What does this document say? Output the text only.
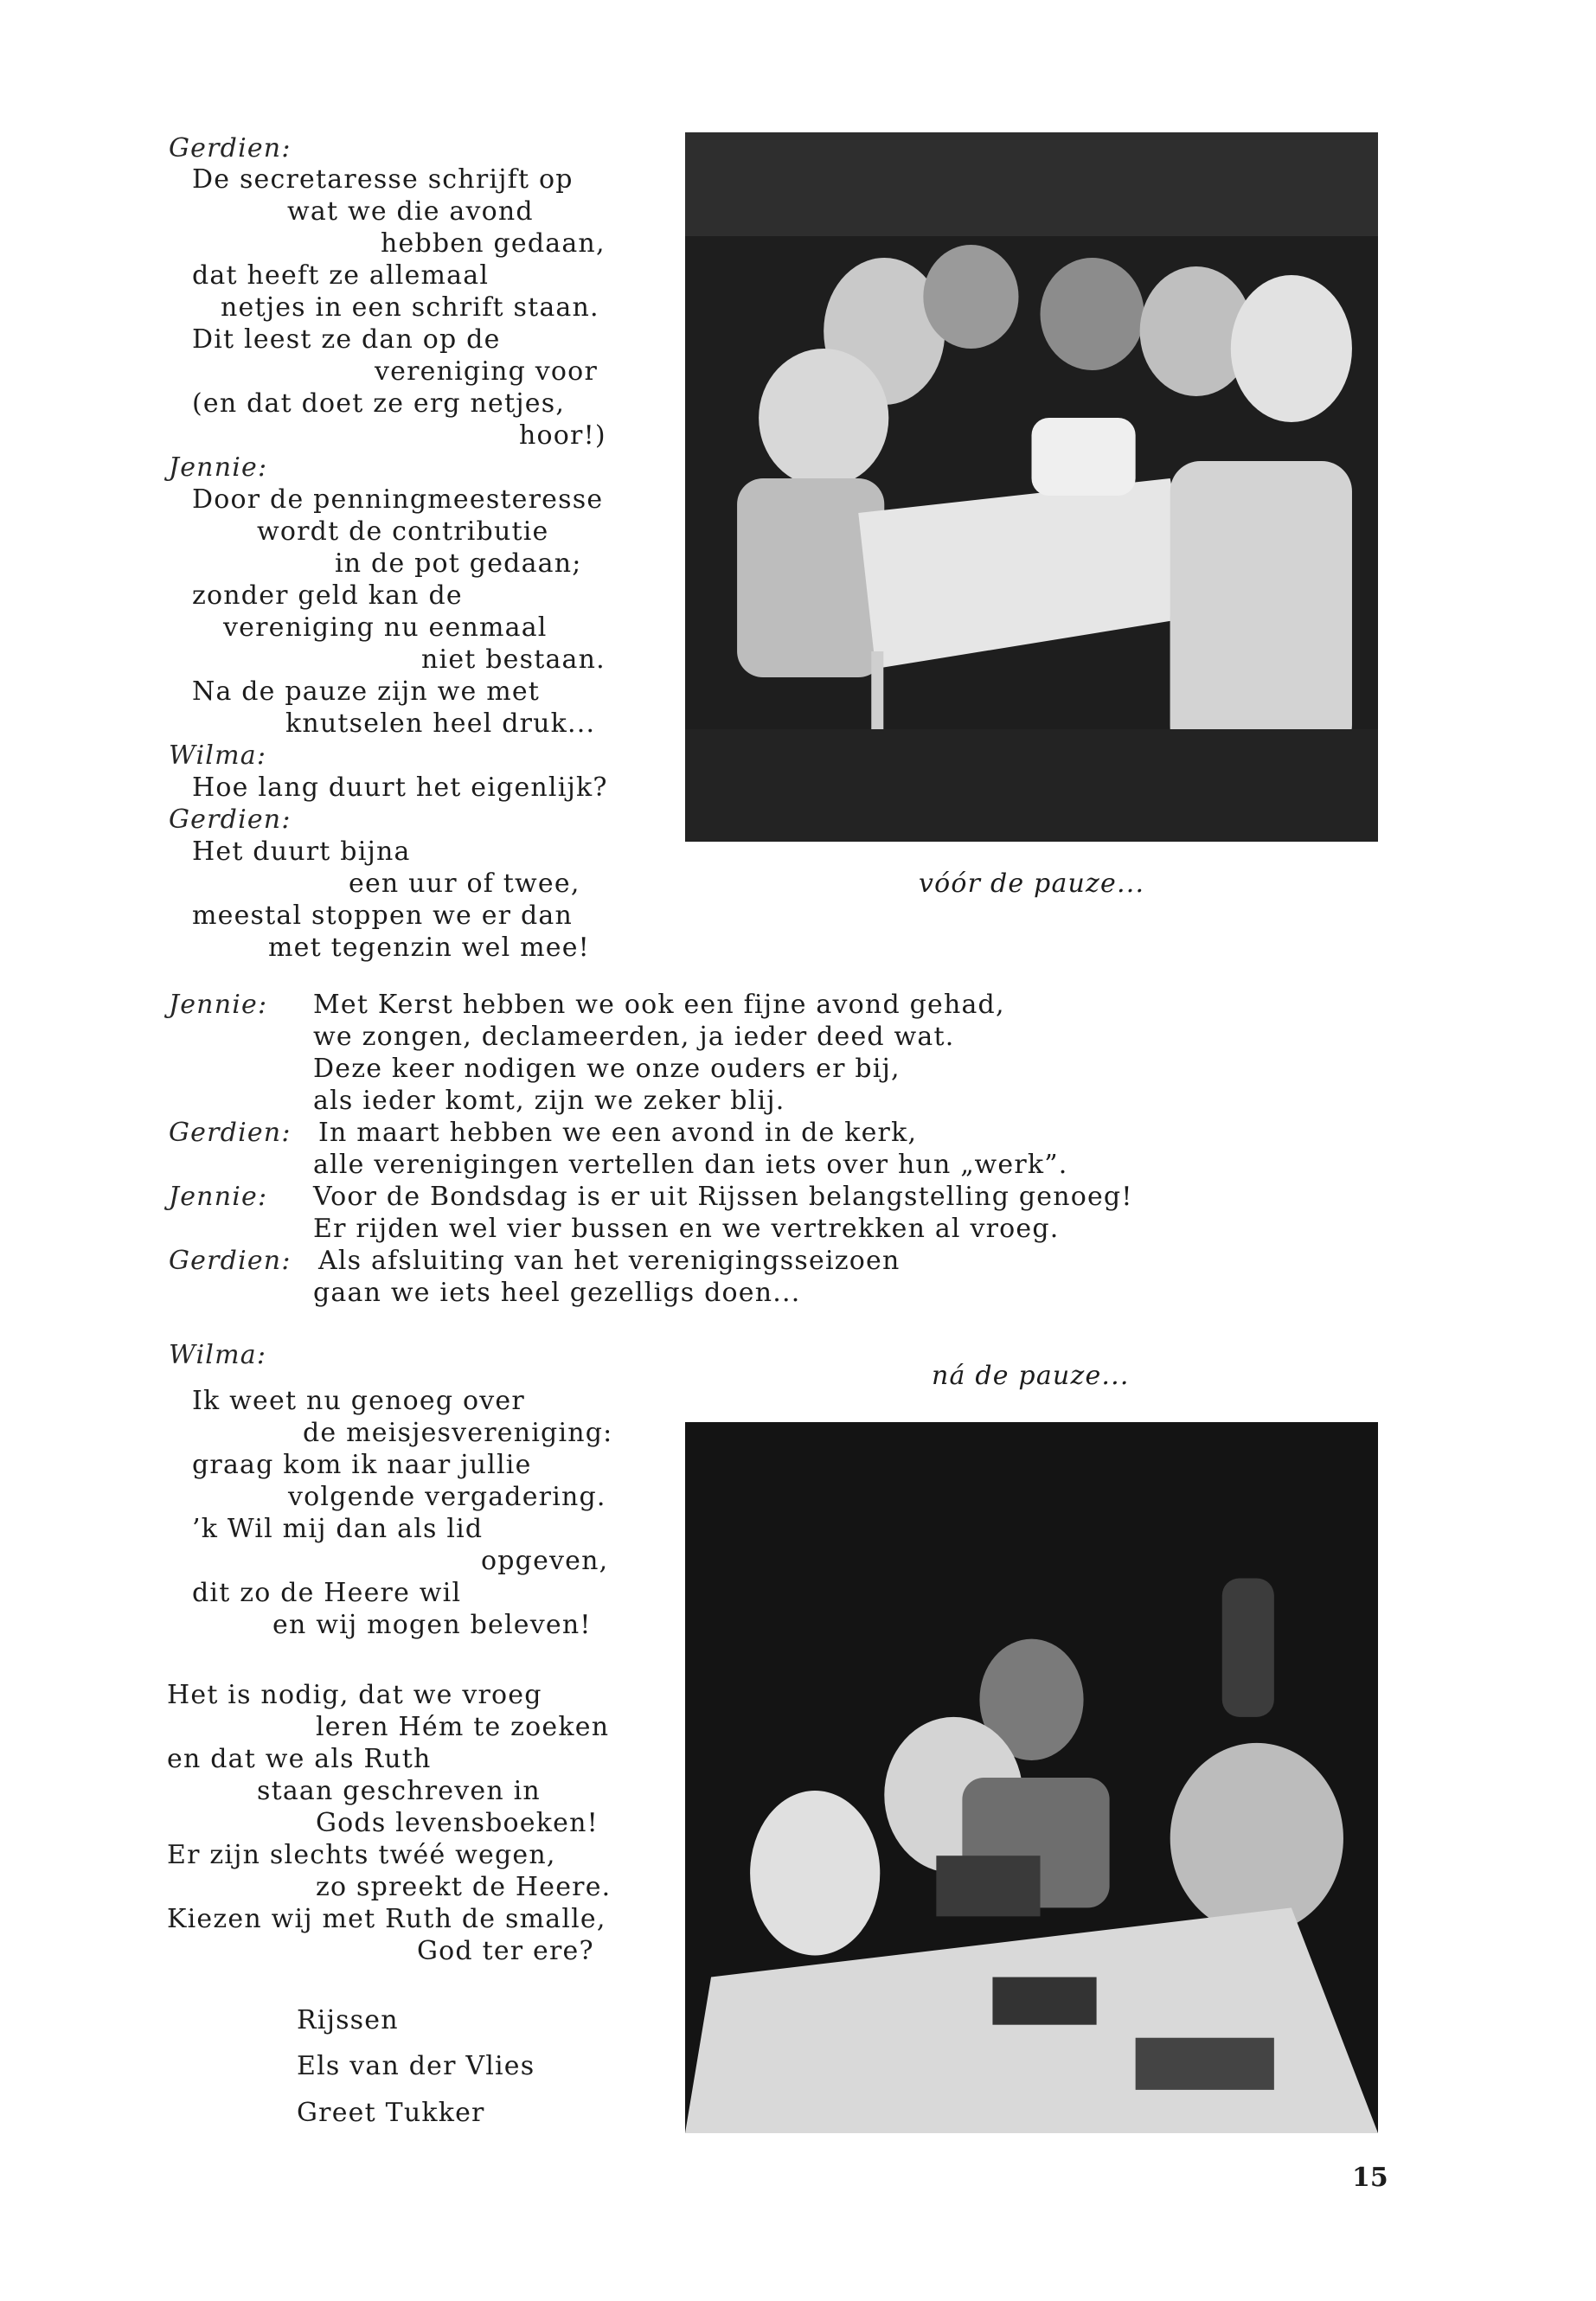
vóór de pauze...
ná de pauze...
Gerdien:
De secretaresse schrijft op
wat we die avond
hebben gedaan,
dat heeft ze allemaal
netjes in een schrift staan.
Dit leest ze dan op de
vereniging voor
(en dat doet ze erg netjes,
hoor!)
Jennie:
Door de penningmeesteresse
wordt de contributie
in de pot gedaan;
zonder geld kan de
vereniging nu eenmaal
niet bestaan.
Na de pauze zijn we met
knutselen heel druk...
Wilma:
Hoe lang duurt het eigenlijk?
Gerdien:
Het duurt bijna
een uur of twee,
meestal stoppen we er dan
met tegenzin wel mee!
Jennie: Met Kerst hebben we ook een fijne avond gehad,
we zongen, declameerden, ja ieder deed wat.
Deze keer nodigen we onze ouders er bij,
als ieder komt, zijn we zeker blij.
Gerdien: In maart hebben we een avond in de kerk,
alle verenigingen vertellen dan iets over hun „werk”.
Jennie: Voor de Bondsdag is er uit Rijssen belangstelling genoeg!
Er rijden wel vier bussen en we vertrekken al vroeg.
Gerdien: Als afsluiting van het verenigingsseizoen
gaan we iets heel gezelligs doen...
Wilma:
Ik weet nu genoeg over
de meisjesvereniging:
graag kom ik naar jullie
volgende vergadering.
’k Wil mij dan als lid
opgeven,
dit zo de Heere wil
en wij mogen beleven!
Het is nodig, dat we vroeg
leren Hém te zoeken
en dat we als Ruth
staan geschreven in
Gods levensboeken!
Er zijn slechts twéé wegen,
zo spreekt de Heere.
Kiezen wij met Ruth de smalle,
God ter ere?
Rijssen
Els van der Vlies
Greet Tukker
15
